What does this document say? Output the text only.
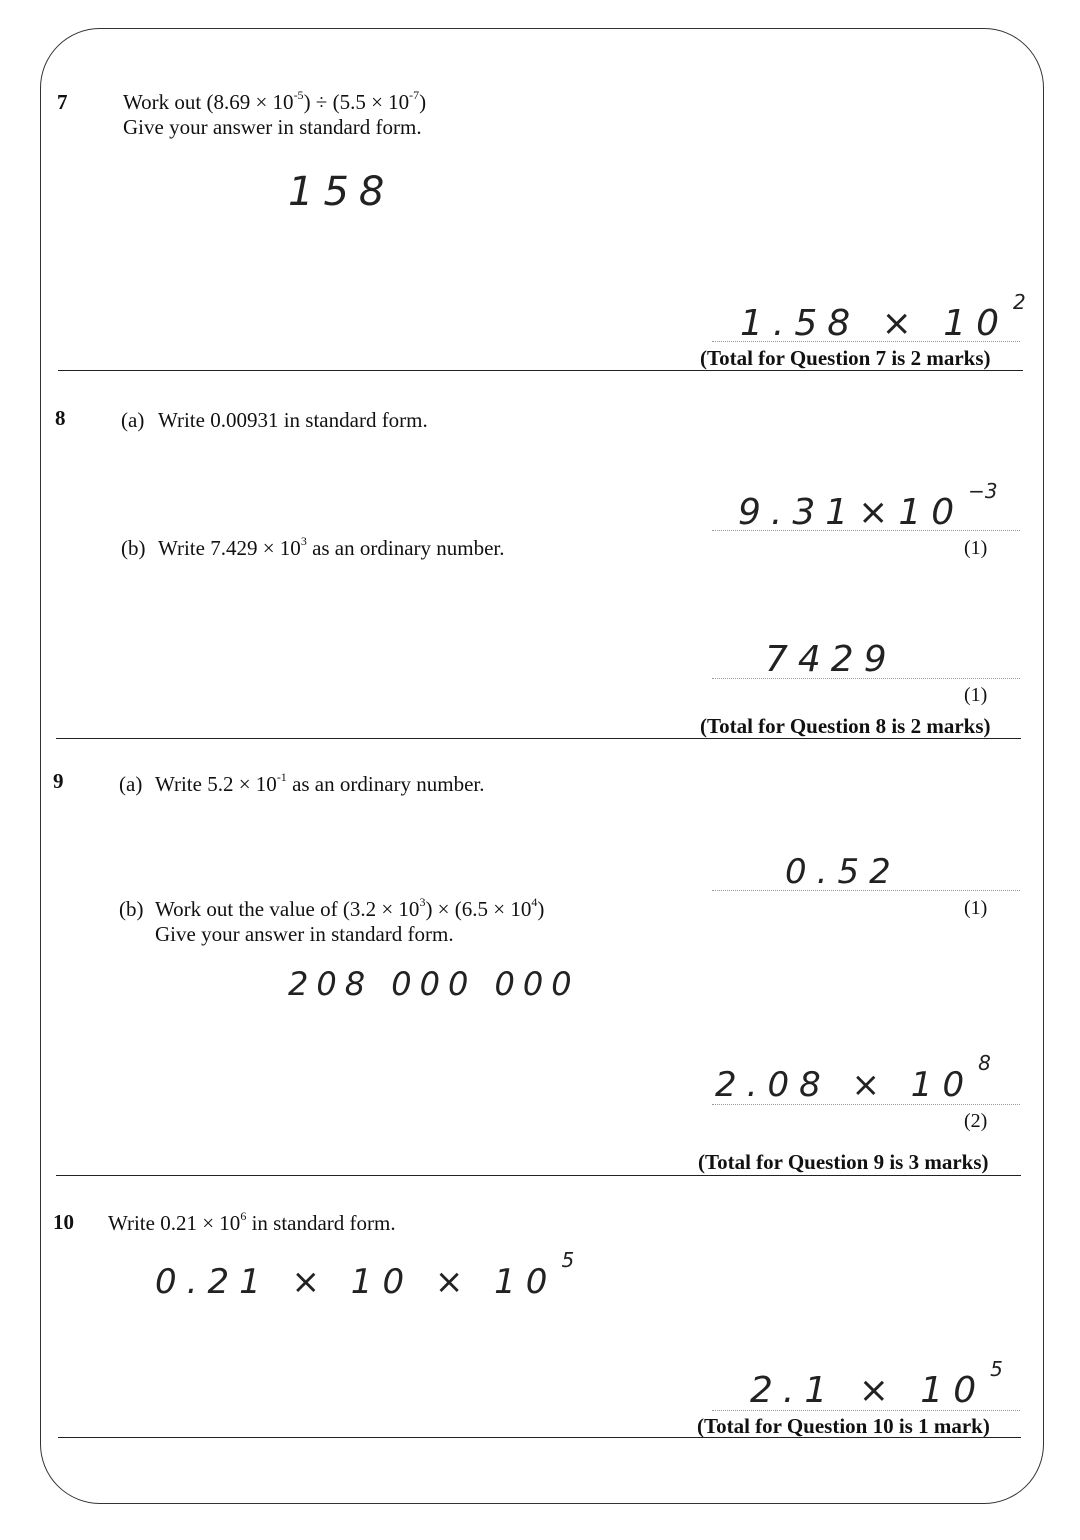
7	Work out $(8.69 \times 10^{-5}) \div (5.5 \times 10^{-7})$
Give your answer in standard form.
158
$1.58 \times 10^2$
(Total for Question 7 is 2 marks)
8	(a) Write 0.00931 in standard form.
$9.31\times 10^{-3}$
(1)
(b) Write $7.429 \times 10^3$ as an ordinary number.
7429
(1)
(Total for Question 8 is 2 marks)
9	(a) Write $5.2 \times 10^{-1}$ as an ordinary number.
0.52
(1)
(b) Work out the value of $(3.2 \times 10^3) \times (6.5 \times 10^4)$
Give your answer in standard form.
208 000 000
$2.08 \times 10^8$
(2)
(Total for Question 9 is 3 marks)
10 Write $0.21 \times 10^6$ in standard form.
$0.21 \times 10 \times 10^5$
$2.1 \times 10^5$
(Total for Question 10 is 1 mark)
